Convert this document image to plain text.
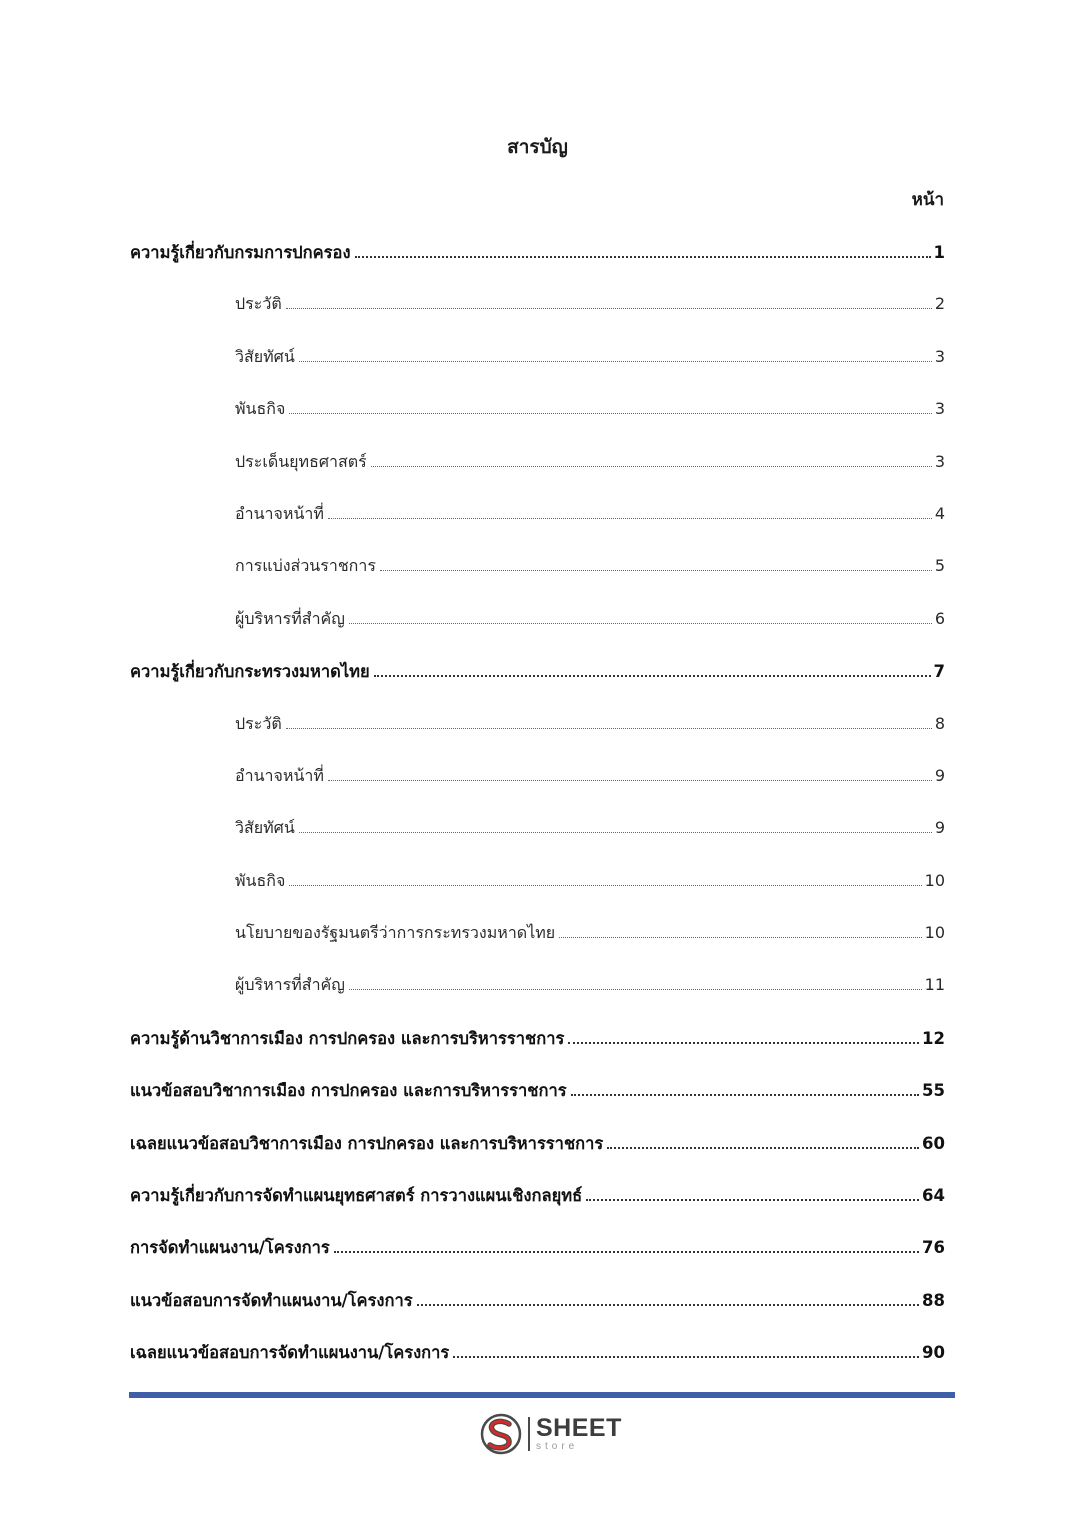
สารบัญ
หน้า
ความรู้เกี่ยวกับกรมการปกครอง	1
ประวัติ	2
วิสัยทัศน์	3
พันธกิจ	3
ประเด็นยุทธศาสตร์	3
อำนาจหน้าที่	4
การแบ่งส่วนราชการ	5
ผู้บริหารที่สำคัญ	6
ความรู้เกี่ยวกับกระทรวงมหาดไทย	7
ประวัติ	8
อำนาจหน้าที่	9
วิสัยทัศน์	9
พันธกิจ	10
นโยบายของรัฐมนตรีว่าการกระทรวงมหาดไทย	10
ผู้บริหารที่สำคัญ	11
ความรู้ด้านวิชาการเมือง การปกครอง และการบริหารราชการ	12
แนวข้อสอบวิชาการเมือง การปกครอง และการบริหารราชการ	55
เฉลยแนวข้อสอบวิชาการเมือง การปกครอง และการบริหารราชการ	60
ความรู้เกี่ยวกับการจัดทำแผนยุทธศาสตร์ การวางแผนเชิงกลยุทธ์	64
การจัดทำแผนงาน/โครงการ	76
แนวข้อสอบการจัดทำแผนงาน/โครงการ	88
เฉลยแนวข้อสอบการจัดทำแผนงาน/โครงการ	90
SHEET
store
